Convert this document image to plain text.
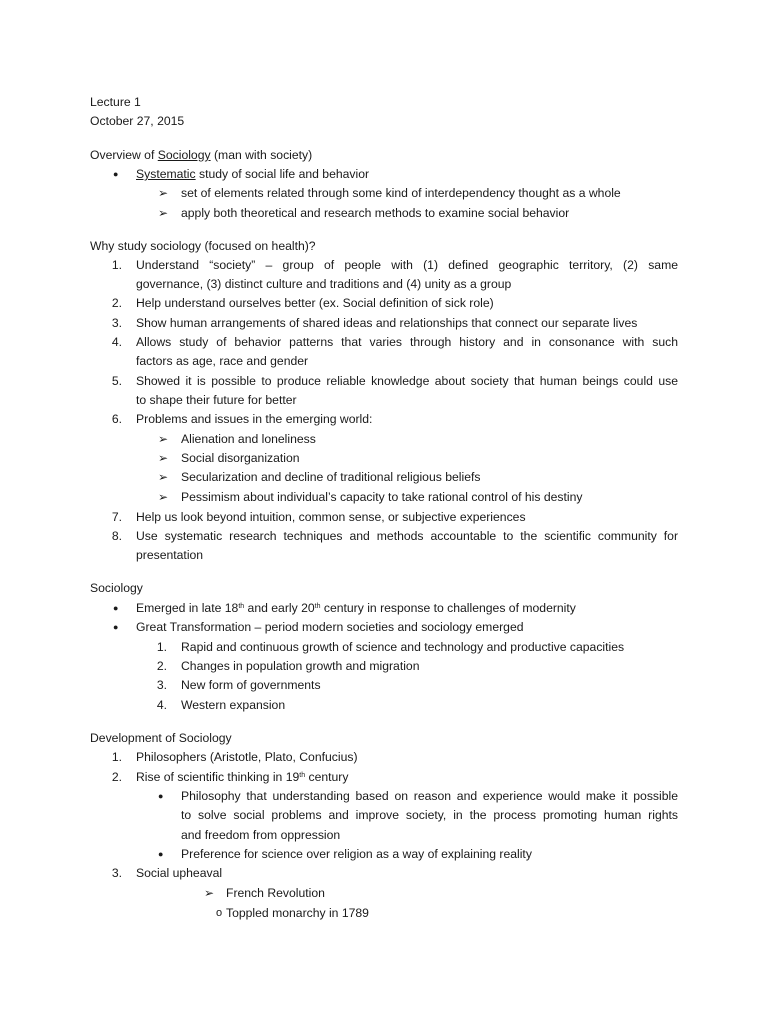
Lecture 1
October 27, 2015
Overview of Sociology (man with society)
● Systematic study of social life and behavior
➢ set of elements related through some kind of interdependency thought as a whole
➢ apply both theoretical and research methods to examine social behavior
Why study sociology (focused on health)?
1. Understand “society” – group of people with (1) defined geographic territory, (2) same
governance, (3) distinct culture and traditions and (4) unity as a group
2. Help understand ourselves better (ex. Social definition of sick role)
3. Show human arrangements of shared ideas and relationships that connect our separate lives
4. Allows study of behavior patterns that varies through history and in consonance with such
factors as age, race and gender
5. Showed it is possible to produce reliable knowledge about society that human beings could use
to shape their future for better
6. Problems and issues in the emerging world:
➢ Alienation and loneliness
➢ Social disorganization
➢ Secularization and decline of traditional religious beliefs
➢ Pessimism about individual’s capacity to take rational control of his destiny
7. Help us look beyond intuition, common sense, or subjective experiences
8. Use systematic research techniques and methods accountable to the scientific community for
presentation
Sociology
● Emerged in late 18th and early 20th century in response to challenges of modernity
● Great Transformation – period modern societies and sociology emerged
1. Rapid and continuous growth of science and technology and productive capacities
2. Changes in population growth and migration
3. New form of governments
4. Western expansion
Development of Sociology
1. Philosophers (Aristotle, Plato, Confucius)
2. Rise of scientific thinking in 19th century
● Philosophy that understanding based on reason and experience would make it possible
to solve social problems and improve society, in the process promoting human rights
and freedom from oppression
● Preference for science over religion as a way of explaining reality
3. Social upheaval
➢ French Revolution
o Toppled monarchy in 1789
